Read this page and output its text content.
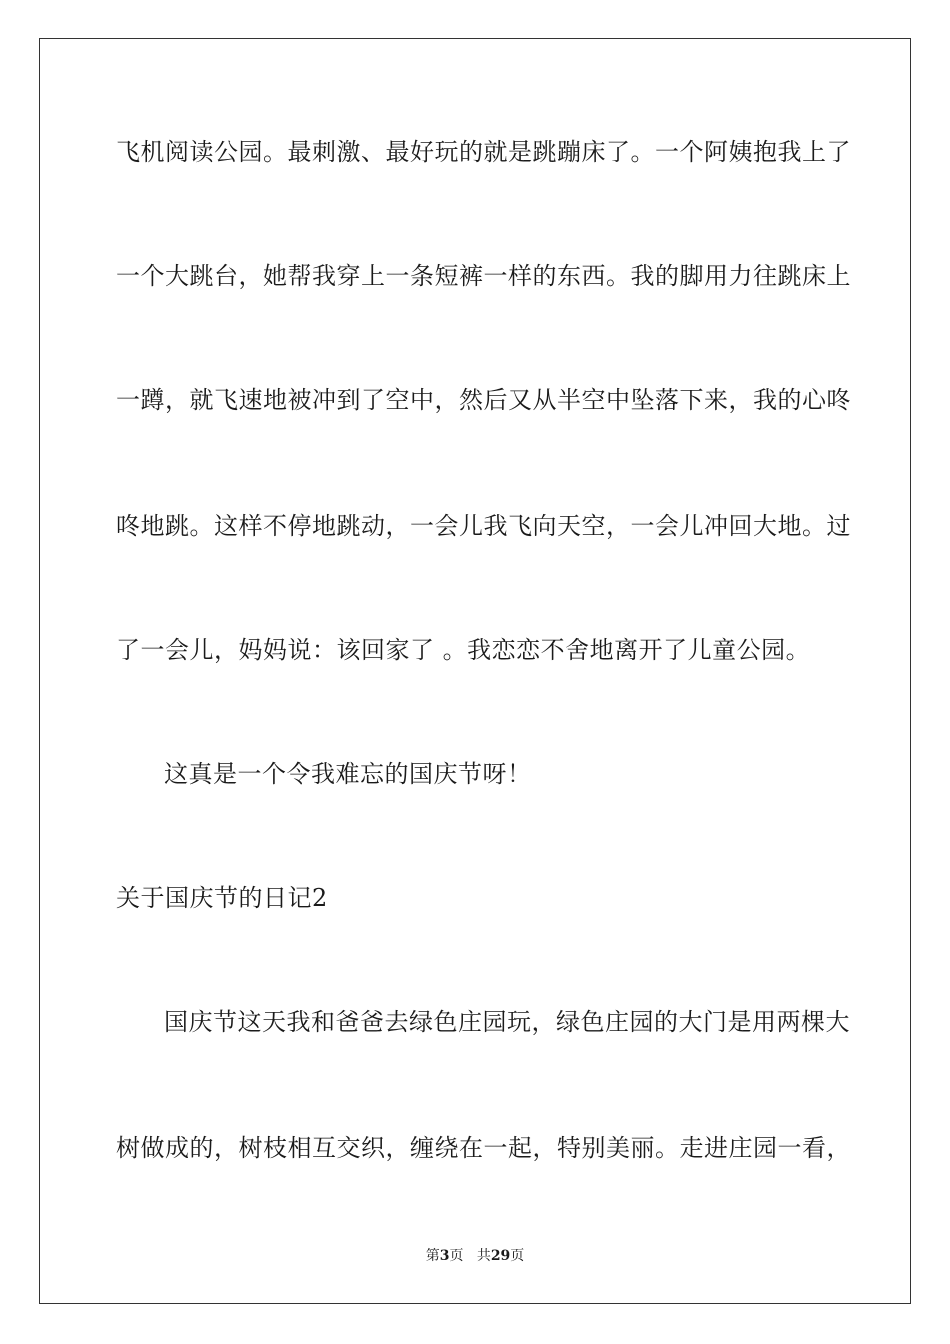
飞机阅读公园。最刺激、最好玩的就是跳蹦床了。一个阿姨抱我上了
一个大跳台，她帮我穿上一条短裤一样的东西。我的脚用力往跳床上
一蹲，就飞速地被冲到了空中，然后又从半空中坠落下来，我的心咚
咚地跳。这样不停地跳动，一会儿我飞向天空，一会儿冲回大地。过
了一会儿，妈妈说：该回家了 。我恋恋不舍地离开了儿童公园。
这真是一个令我难忘的国庆节呀！
关于国庆节的日记2
国庆节这天我和爸爸去绿色庄园玩，绿色庄园的大门是用两棵大
树做成的，树枝相互交织，缠绕在一起，特别美丽。走进庄园一看，
第3页 共29页
